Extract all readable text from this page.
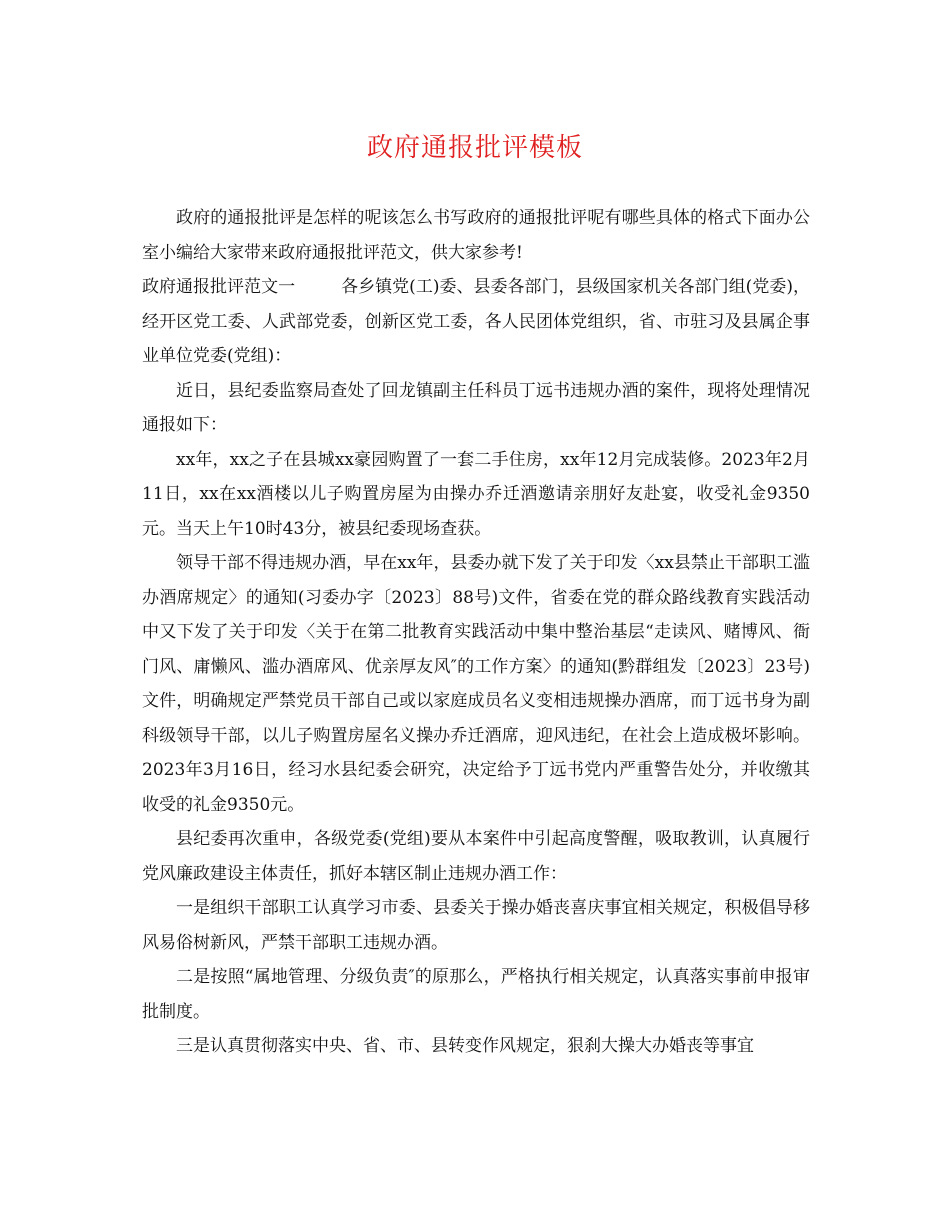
政府通报批评模板

政府的通报批评是怎样的呢该怎么书写政府的通报批评呢有哪些具体的格式下面办公室小编给大家带来政府通报批评范文，供大家参考!

政府通报批评范文一	各乡镇党(工)委、县委各部门，县级国家机关各部门组(党委)，经开区党工委、人武部党委，创新区党工委，各人民团体党组织，省、市驻习及县属企事业单位党委(党组)：

近日，县纪委监察局查处了回龙镇副主任科员丁远书违规办酒的案件，现将处理情况通报如下：

xx年，xx之子在县城xx豪园购置了一套二手住房，xx年12月完成装修。2023年2月11日，xx在xx酒楼以儿子购置房屋为由操办乔迁酒邀请亲朋好友赴宴，收受礼金9350元。当天上午10时43分，被县纪委现场查获。

领导干部不得违规办酒，早在xx年，县委办就下发了关于印发〈xx县禁止干部职工滥办酒席规定〉的通知(习委办字〔2023〕88号)文件，省委在党的群众路线教育实践活动中又下发了关于印发〈关于在第二批教育实践活动中集中整治基层“走读风、赌博风、衙门风、庸懒风、滥办酒席风、优亲厚友风″的工作方案〉的通知(黔群组发〔2023〕23号)文件，明确规定严禁党员干部自己或以家庭成员名义变相违规操办酒席，而丁远书身为副科级领导干部，以儿子购置房屋名义操办乔迁酒席，迎风违纪，在社会上造成极坏影响。2023年3月16日，经习水县纪委会研究，决定给予丁远书党内严重警告处分，并收缴其收受的礼金9350元。

县纪委再次重申，各级党委(党组)要从本案件中引起高度警醒，吸取教训，认真履行党风廉政建设主体责任，抓好本辖区制止违规办酒工作：

一是组织干部职工认真学习市委、县委关于操办婚丧喜庆事宜相关规定，积极倡导移风易俗树新风，严禁干部职工违规办酒。

二是按照“属地管理、分级负责″的原那么，严格执行相关规定，认真落实事前申报审批制度。

三是认真贯彻落实中央、省、市、县转变作风规定，狠刹大操大办婚丧等事宜
